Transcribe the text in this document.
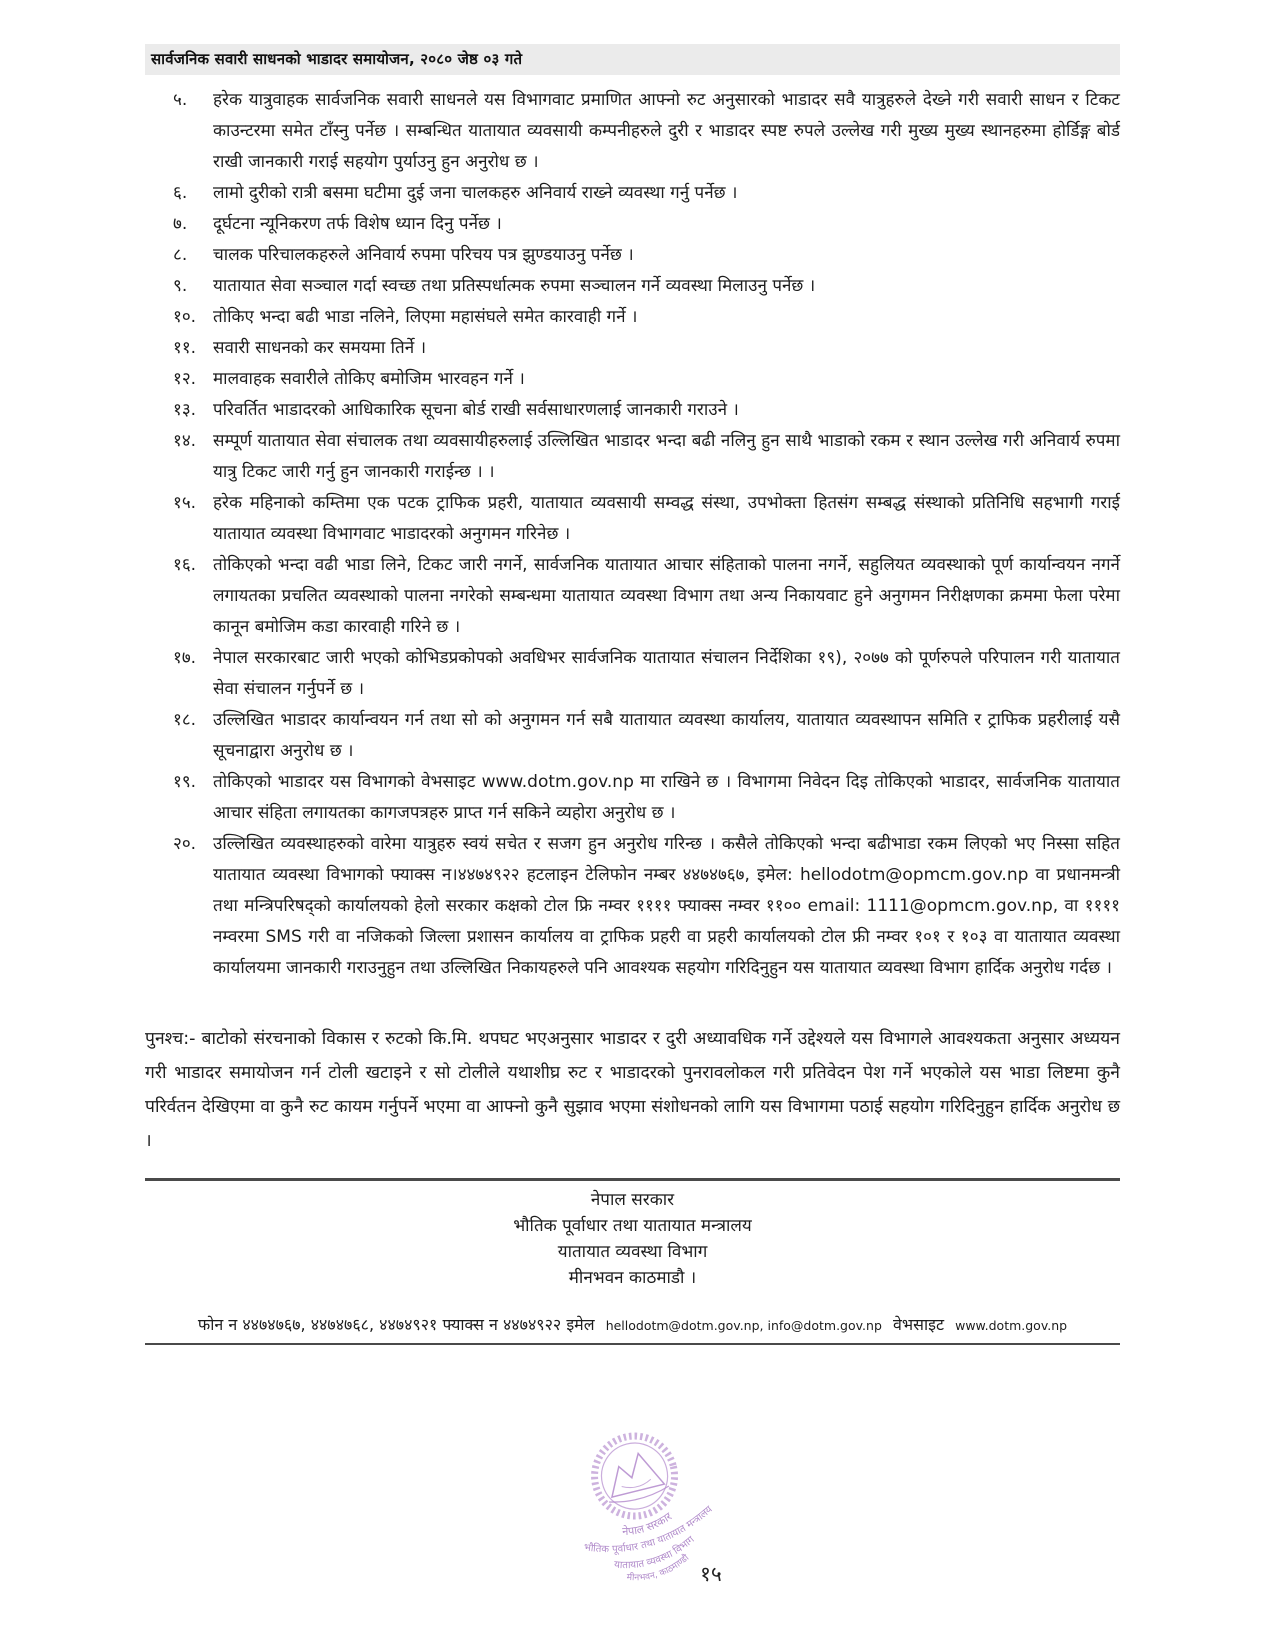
सार्वजनिक सवारी साधनको भाडादर समायोजन, २०८० जेष्ठ ०३ गते
५.	हरेक यात्रुवाहक सार्वजनिक सवारी साधनले यस विभागवाट प्रमाणित आफ्नो रुट अनुसारको भाडादर सवै यात्रुहरुले देख्ने गरी सवारी साधन र टिकट काउन्टरमा समेत टाँस्नु पर्नेछ । सम्बन्धित यातायात व्यवसायी कम्पनीहरुले दुरी र भाडादर स्पष्ट रुपले उल्लेख गरी मुख्य मुख्य स्थानहरुमा होर्डिङ्ग बोर्ड राखी जानकारी गराई सहयोग पुर्याउनु हुन अनुरोध छ ।
६.	लामो दुरीको रात्री बसमा घटीमा दुई जना चालकहरु अनिवार्य राख्ने व्यवस्था गर्नु पर्नेछ ।
७.	दूर्घटना न्यूनिकरण तर्फ विशेष ध्यान दिनु पर्नेछ ।
८.	चालक परिचालकहरुले अनिवार्य रुपमा परिचय पत्र झुण्डयाउनु पर्नेछ ।
९.	यातायात सेवा सञ्चाल गर्दा स्वच्छ तथा प्रतिस्पर्धात्मक रुपमा सञ्चालन गर्ने व्यवस्था मिलाउनु पर्नेछ ।
१०. तोकिए भन्दा बढी भाडा नलिने, लिएमा महासंघले समेत कारवाही गर्ने ।
११. सवारी साधनको कर समयमा तिर्ने ।
१२. मालवाहक सवारीले तोकिए बमोजिम भारवहन गर्ने ।
१३. परिवर्तित भाडादरको आधिकारिक सूचना बोर्ड राखी सर्वसाधारणलाई जानकारी गराउने ।
१४. सम्पूर्ण यातायात सेवा संचालक तथा व्यवसायीहरुलाई उल्लिखित भाडादर भन्दा बढी नलिनु हुन साथै भाडाको रकम र स्थान उल्लेख गरी अनिवार्य रुपमा यात्रु टिकट जारी गर्नु हुन जानकारी गराईन्छ । ।
१५. हरेक महिनाको कम्तिमा एक पटक ट्राफिक प्रहरी, यातायात व्यवसायी सम्वद्ध संस्था, उपभोक्ता हितसंग सम्बद्ध संस्थाको प्रतिनिधि सहभागी गराई यातायात व्यवस्था विभागवाट भाडादरको अनुगमन गरिनेछ ।
१६. तोकिएको भन्दा वढी भाडा लिने, टिकट जारी नगर्ने, सार्वजनिक यातायात आचार संहिताको पालना नगर्ने, सहुलियत व्यवस्थाको पूर्ण कार्यान्वयन नगर्ने लगायतका प्रचलित व्यवस्थाको पालना नगरेको सम्बन्धमा यातायात व्यवस्था विभाग तथा अन्य निकायवाट हुने अनुगमन निरीक्षणका क्रममा फेला परेमा कानून बमोजिम कडा कारवाही गरिने छ ।
१७. नेपाल सरकारबाट जारी भएको कोभिडप्रकोपको अवधिभर सार्वजनिक यातायात संचालन निर्देशिका १९), २०७७ को पूर्णरुपले परिपालन गरी यातायात सेवा संचालन गर्नुपर्ने छ ।
१८. उल्लिखित भाडादर कार्यान्वयन गर्न तथा सो को अनुगमन गर्न सबै यातायात व्यवस्था कार्यालय, यातायात व्यवस्थापन समिति र ट्राफिक प्रहरीलाई यसै सूचनाद्वारा अनुरोध छ ।
१९. तोकिएको भाडादर यस विभागको वेभसाइट www.dotm.gov.np मा राखिने छ । विभागमा निवेदन दिइ तोकिएको भाडादर, सार्वजनिक यातायात आचार संहिता लगायतका कागजपत्रहरु प्राप्त गर्न सकिने व्यहोरा अनुरोध छ ।
२०. उल्लिखित व्यवस्थाहरुको वारेमा यात्रुहरु स्वयं सचेत र सजग हुन अनुरोध गरिन्छ । कसैले तोकिएको भन्दा बढीभाडा रकम लिएको भए निस्सा सहित यातायात व्यवस्था विभागको फ्याक्स न।४४७४९२२ हटलाइन टेलिफोन नम्बर ४४७४७६७, इमेल: hellodotm@opmcm.gov.np वा प्रधानमन्त्री तथा मन्त्रिपरिषद्को कार्यालयको हेलो सरकार कक्षको टोल फ्रि नम्वर ११११ फ्याक्स नम्वर ११०० email: 1111@opmcm.gov.np, वा ११११ नम्वरमा SMS गरी वा नजिकको जिल्ला प्रशासन कार्यालय वा ट्राफिक प्रहरी वा प्रहरी कार्यालयको टोल फ्री नम्वर १०१ र १०३ वा यातायात व्यवस्था कार्यालयमा जानकारी गराउनुहुन तथा उल्लिखित निकायहरुले पनि आवश्यक सहयोग गरिदिनुहुन यस यातायात व्यवस्था विभाग हार्दिक अनुरोध गर्दछ ।
पुनश्च:- बाटोको संरचनाको विकास र रुटको कि.मि. थपघट भएअनुसार भाडादर र दुरी अध्यावधिक गर्ने उद्देश्यले यस विभागले आवश्यकता अनुसार अध्ययन गरी भाडादर समायोजन गर्न टोली खटाइने र सो टोलीले यथाशीघ्र रुट र भाडादरको पुनरावलोकल गरी प्रतिवेदन पेश गर्ने भएकोले यस भाडा लिष्टमा कुनै परिर्वतन देखिएमा वा कुनै रुट कायम गर्नुपर्ने भएमा वा आफ्नो कुनै सुझाव भएमा संशोधनको लागि यस विभागमा पठाई सहयोग गरिदिनुहुन हार्दिक अनुरोध छ ।
नेपाल सरकार
भौतिक पूर्वाधार तथा यातायात मन्त्रालय
यातायात व्यवस्था विभाग
मीनभवन काठमाडौ ।
फोन न ४४७४७६७, ४४७४७६८, ४४७४९२१ फ्याक्स न ४४७४९२२ इमेल hellodotm@dotm.gov.np, info@dotm.gov.np वेभसाइट www.dotm.gov.np
नेपाल सरकार
भौतिक पूर्वाधार तथा यातायात मन्त्रालय
यातायात व्यवस्था विभाग
मीनभवन, काठमाण्डौ
१५
